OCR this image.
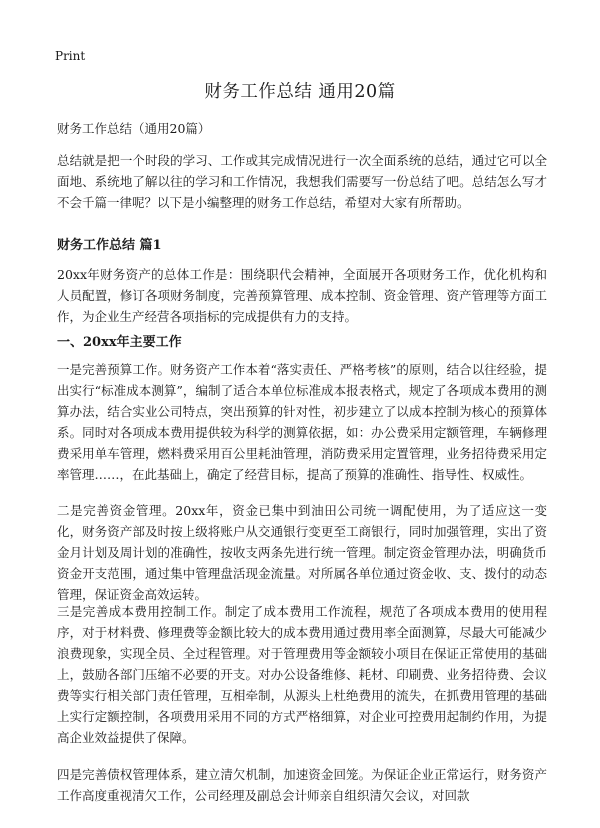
Print
财务工作总结 通用20篇
财务工作总结（通用20篇）

总结就是把一个时段的学习、工作或其完成情况进行一次全面系统的总结，通过它可以全面地、系统地了解以往的学习和工作情况，我想我们需要写一份总结了吧。总结怎么写才不会千篇一律呢？以下是小编整理的财务工作总结，希望对大家有所帮助。

财务工作总结 篇1

20xx年财务资产的总体工作是：围绕职代会精神，全面展开各项财务工作，优化机构和人员配置，修订各项财务制度，完善预算管理、成本控制、资金管理、资产管理等方面工作，为企业生产经营各项指标的完成提供有力的支持。

一、20xx年主要工作

一是完善预算工作。财务资产工作本着“落实责任、严格考核”的原则，结合以往经验，提出实行“标准成本测算”，编制了适合本单位标准成本报表格式，规定了各项成本费用的测算办法，结合实业公司特点，突出预算的针对性，初步建立了以成本控制为核心的预算体系。同时对各项成本费用提供较为科学的测算依据，如：办公费采用定额管理，车辆修理费采用单车管理，燃料费采用百公里耗油管理，消防费采用定置管理，业务招待费采用定率管理……，在此基础上，确定了经营目标，提高了预算的准确性、指导性、权威性。

二是完善资金管理。20xx年，资金已集中到油田公司统一调配使用，为了适应这一变化，财务资产部及时按上级将账户从交通银行变更至工商银行，同时加强管理，实出了资金月计划及周计划的准确性，按收支两条先进行统一管理。制定资金管理办法，明确货币资金开支范围，通过集中管理盘活现金流量。对所属各单位通过资金收、支、拨付的动态管理，保证资金高效运转。

三是完善成本费用控制工作。制定了成本费用工作流程，规范了各项成本费用的使用程序，对于材料费、修理费等金额比较大的成本费用通过费用率全面测算，尽最大可能减少浪费现象，实现全员、全过程管理。对于管理费用等金额较小项目在保证正常使用的基础上，鼓励各部门压缩不必要的开支。对办公设备维修、耗材、印刷费、业务招待费、会议费等实行相关部门责任管理，互相牵制，从源头上杜绝费用的流失，在抓费用管理的基础上实行定额控制，各项费用采用不同的方式严格细算，对企业可控费用起制约作用，为提高企业效益提供了保障。

四是完善债权管理体系，建立清欠机制，加速资金回笼。为保证企业正常运行，财务资产工作高度重视清欠工作，公司经理及副总会计师亲自组织清欠会议，对回款
